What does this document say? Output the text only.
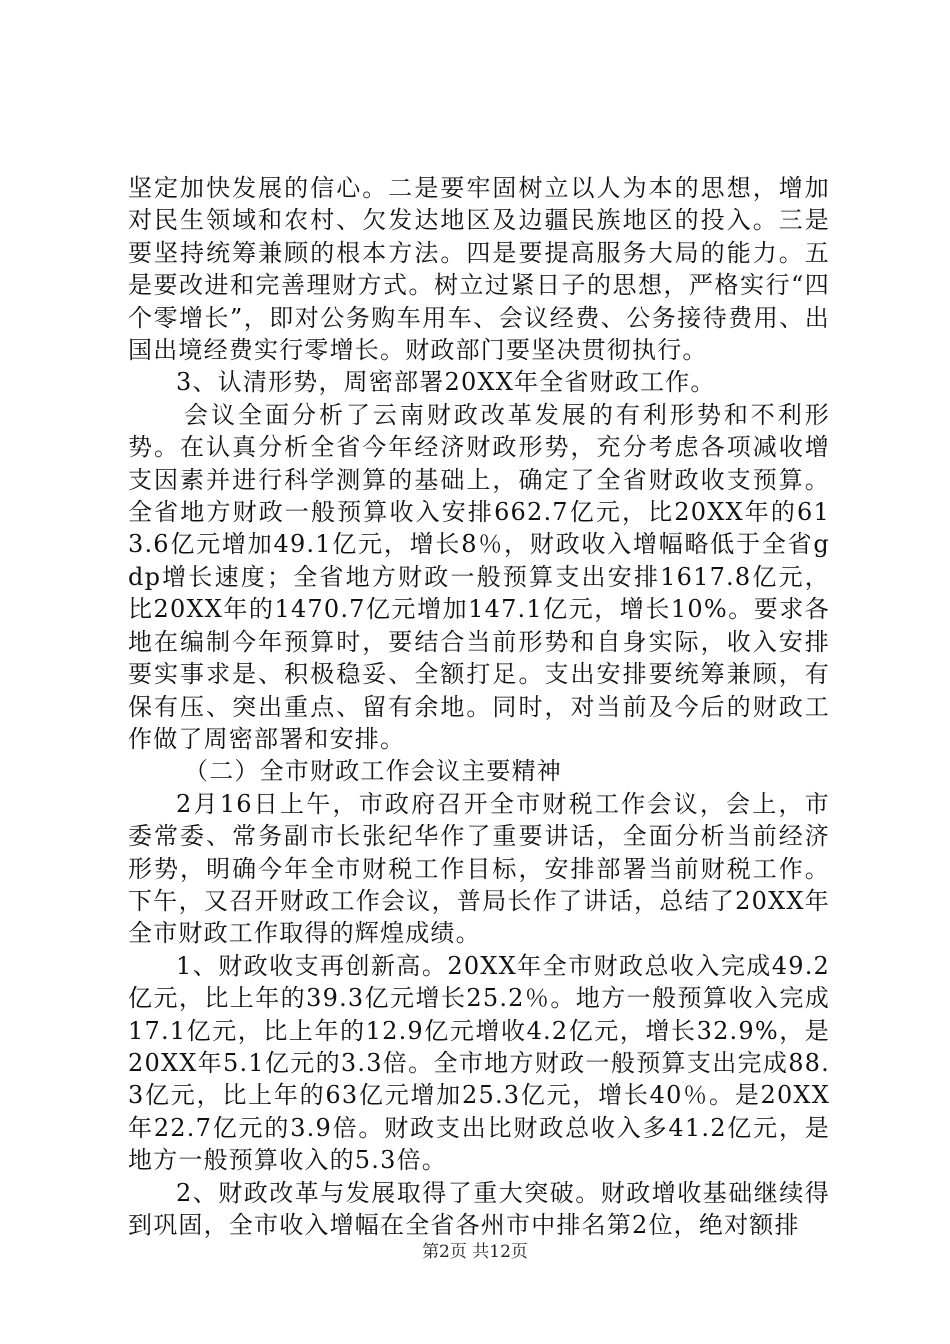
坚定加快发展的信心。二是要牢固树立以人为本的思想，增加对民生领域和农村、欠发达地区及边疆民族地区的投入。三是要坚持统筹兼顾的根本方法。四是要提高服务大局的能力。五是要改进和完善理财方式。树立过紧日子的思想，严格实行“四个零增长”，即对公务购车用车、会议经费、公务接待费用、出国出境经费实行零增长。财政部门要坚决贯彻执行。

3、认清形势，周密部署20XX年全省财政工作。

会议全面分析了云南财政改革发展的有利形势和不利形势。在认真分析全省今年经济财政形势，充分考虑各项减收增支因素并进行科学测算的基础上，确定了全省财政收支预算。全省地方财政一般预算收入安排662.7亿元，比20XX年的613.6亿元增加49.1亿元，增长8％，财政收入增幅略低于全省gdp增长速度；全省地方财政一般预算支出安排1617.8亿元，比20XX年的1470.7亿元增加147.1亿元，增长10%。要求各地在编制今年预算时，要结合当前形势和自身实际，收入安排要实事求是、积极稳妥、全额打足。支出安排要统筹兼顾，有保有压、突出重点、留有余地。同时，对当前及今后的财政工作做了周密部署和安排。

（二）全市财政工作会议主要精神

2月16日上午，市政府召开全市财税工作会议，会上，市委常委、常务副市长张纪华作了重要讲话，全面分析当前经济形势，明确今年全市财税工作目标，安排部署当前财税工作。下午，又召开财政工作会议，普局长作了讲话，总结了20XX年全市财政工作取得的辉煌成绩。

1、财政收支再创新高。20XX年全市财政总收入完成49.2亿元，比上年的39.3亿元增长25.2％。地方一般预算收入完成17.1亿元，比上年的12.9亿元增收4.2亿元，增长32.9%，是20XX年5.1亿元的3.3倍。全市地方财政一般预算支出完成88.3亿元，比上年的63亿元增加25.3亿元，增长40％。是20XX年22.7亿元的3.9倍。财政支出比财政总收入多41.2亿元，是地方一般预算收入的5.3倍。

2、财政改革与发展取得了重大突破。财政增收基础继续得到巩固，全市收入增幅在全省各州市中排名第2位，绝对额排

第2页 共12页
